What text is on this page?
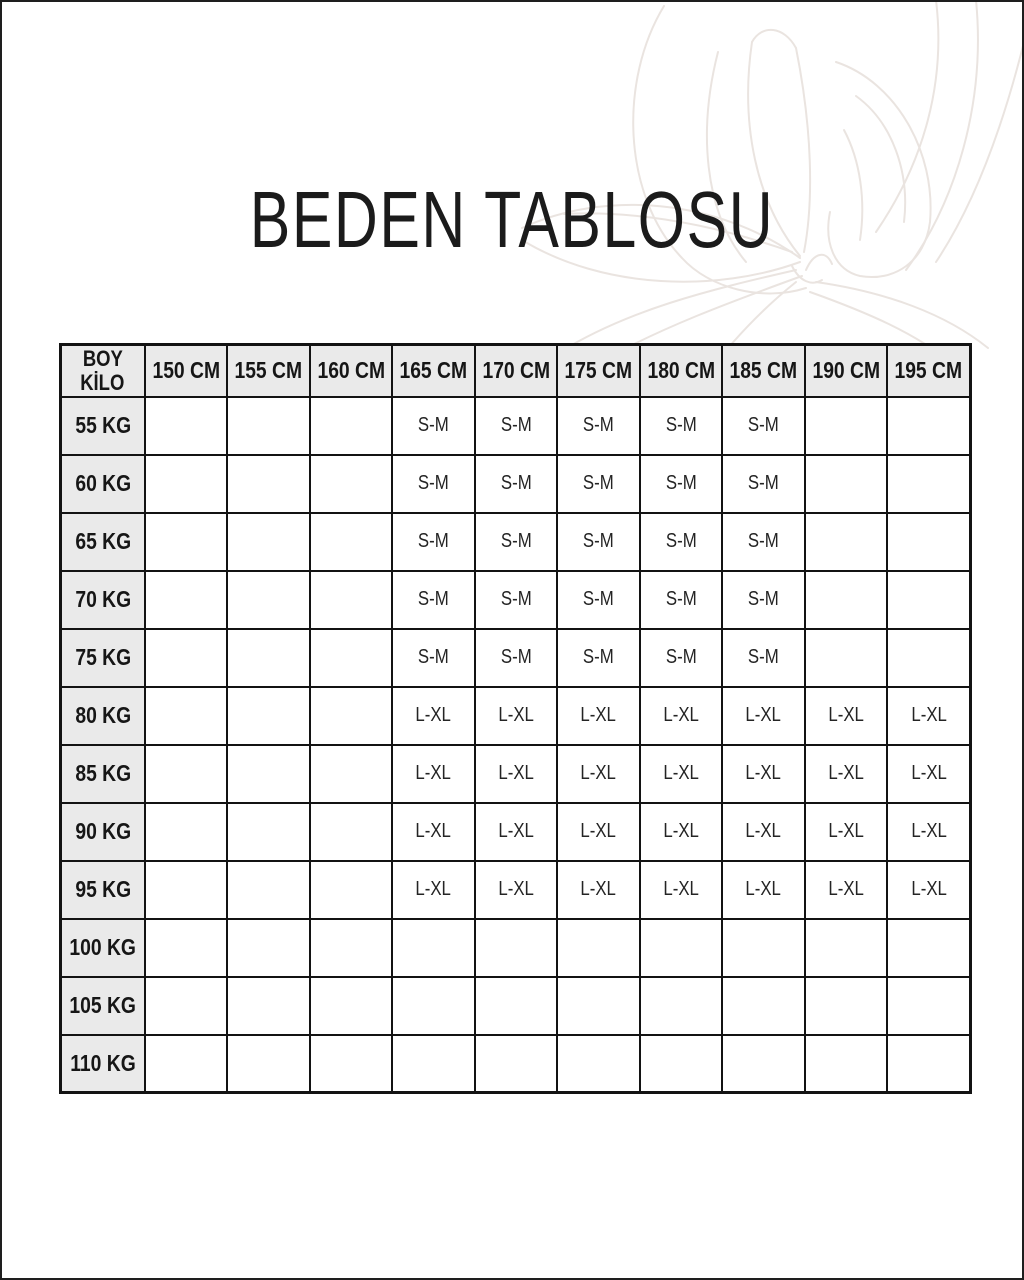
BEDEN TABLOSU
BOY
KİLO	150 CM	155 CM	160 CM	165 CM	170 CM	175 CM	180 CM	185 CM	190 CM	195 CM
55 KG				S-M	S-M	S-M	S-M	S-M		
60 KG				S-M	S-M	S-M	S-M	S-M		
65 KG				S-M	S-M	S-M	S-M	S-M		
70 KG				S-M	S-M	S-M	S-M	S-M		
75 KG				S-M	S-M	S-M	S-M	S-M		
80 KG				L-XL	L-XL	L-XL	L-XL	L-XL	L-XL	L-XL
85 KG				L-XL	L-XL	L-XL	L-XL	L-XL	L-XL	L-XL
90 KG				L-XL	L-XL	L-XL	L-XL	L-XL	L-XL	L-XL
95 KG				L-XL	L-XL	L-XL	L-XL	L-XL	L-XL	L-XL
100 KG										
105 KG										
110 KG										
